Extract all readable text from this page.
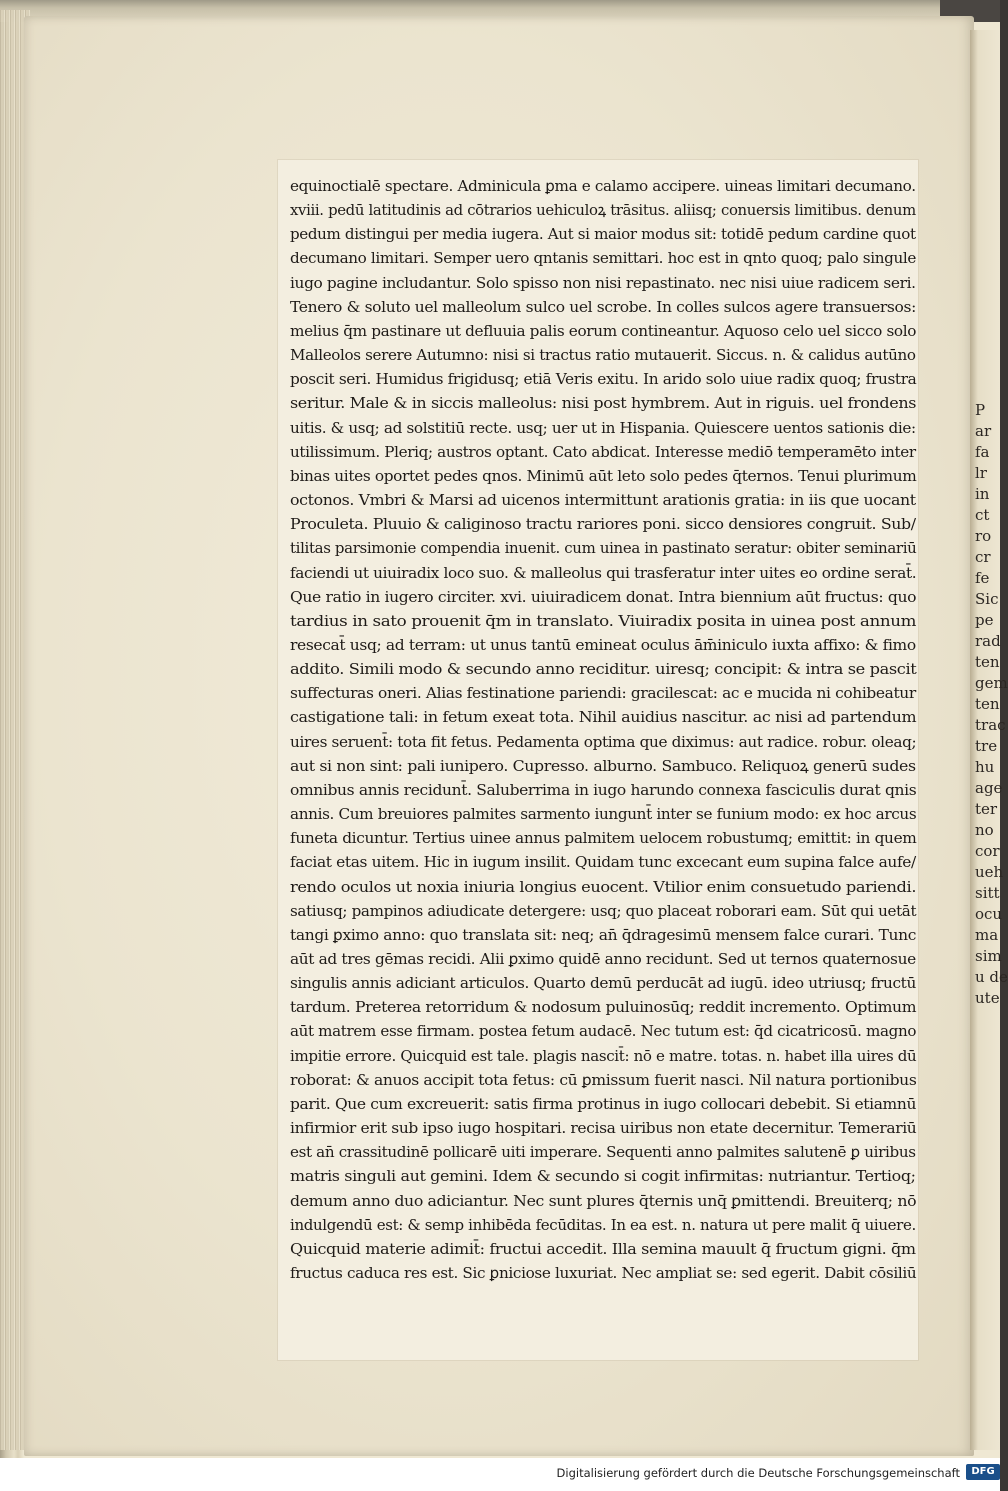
P
ar
fa
lr
in
ct
ro
cr
fe
Sic
pe
rad
ten
gem
ten
trac
tre
hu
age
ter
no
cor
ueh
sitt
ocu
ma
sim
u de
ute
equinoctialē spectare. Adminicula ꝑma e calamo accipere. uineas limitari decumano.
xviii. pedū latitudinis ad cōtrarios uehiculoꝝ trāsitus. aliisq; conuersis limitibus. denum
pedum distingui per media iugera. Aut si maior modus sit: totidē pedum cardine quot
decumano limitari. Semper uero qntanis semittari. hoc est in qnto quoq; palo singule
iugo pagine includantur. Solo spisso non nisi repastinato. nec nisi uiue radicem seri.
Tenero & soluto uel malleolum sulco uel scrobe. In colles sulcos agere transuersos:
melius q̄m pastinare ut defluuia palis eorum contineantur. Aquoso celo uel sicco solo
Malleolos serere Autumno: nisi si tractus ratio mutauerit. Siccus. n. & calidus autūno
poscit seri. Humidus frigidusq; etiā Veris exitu. In arido solo uiue radix quoq; frustra
seritur. Male & in siccis malleolus: nisi post hymbrem. Aut in riguis. uel frondens
uitis. & usq; ad solstitiū recte. usq; uer ut in Hispania. Quiescere uentos sationis die:
utilissimum. Pleriq; austros optant. Cato abdicat. Interesse mediō temperamēto inter
binas uites oportet pedes qnos. Minimū aūt leto solo pedes q̄ternos. Tenui plurimum
octonos. Vmbri & Marsi ad uicenos intermittunt arationis gratia: in iis que uocant
Proculeta. Pluuio & caliginoso tractu rariores poni. sicco densiores congruit. Sub/
tilitas parsimonie compendia inuenit. cum uinea in pastinato seratur: obiter seminariū
faciendi ut uiuiradix loco suo. & malleolus qui trasferatur inter uites eo ordine serat̄.
Que ratio in iugero circiter. xvi. uiuiradicem donat. Intra biennium aūt fructus: quo
tardius in sato prouenit q̄m in translato. Viuiradix posita in uinea post annum
resecat̄ usq; ad terram: ut unus tantū emineat oculus ām̄iniculo iuxta affixo: & fimo
addito. Simili modo & secundo anno reciditur. uiresq; concipit: & intra se pascit
suffecturas oneri. Alias festinatione pariendi: gracilescat: ac e mucida ni cohibeatur
castigatione tali: in fetum exeat tota. Nihil auidius nascitur. ac nisi ad partendum
uires seruent̄: tota fit fetus. Pedamenta optima que diximus: aut radice. robur. oleaq;
aut si non sint: pali iunipero. Cupresso. alburno. Sambuco. Reliquoꝝ generū sudes
omnibus annis recidunt̄. Saluberrima in iugo harundo connexa fasciculis durat qnis
annis. Cum breuiores palmites sarmento iungunt̄ inter se funium modo: ex hoc arcus
funeta dicuntur. Tertius uinee annus palmitem uelocem robustumq; emittit: in quem
faciat etas uitem. Hic in iugum insilit. Quidam tunc excecant eum supina falce aufe/
rendo oculos ut noxia iniuria longius euocent. Vtilior enim consuetudo pariendi.
satiusq; pampinos adiudicate detergere: usq; quo placeat roborari eam. Sūt qui uetāt
tangi ꝑximo anno: quo translata sit: neq; an̄ q̄dragesimū mensem falce curari. Tunc
aūt ad tres gēmas recidi. Alii ꝑximo quidē anno recidunt. Sed ut ternos quaternosue
singulis annis adiciant articulos. Quarto demū perducāt ad iugū. ideo utriusq; fructū
tardum. Preterea retorridum & nodosum puluinosūq; reddit incremento. Optimum
aūt matrem esse firmam. postea fetum audacē. Nec tutum est: q̄d cicatricosū. magno
impitie errore. Quicquid est tale. plagis nascit̄: nō e matre. totas. n. habet illa uires dū
roborat: & anuos accipit tota fetus: cū ꝑmissum fuerit nasci. Nil natura portionibus
parit. Que cum excreuerit: satis firma protinus in iugo collocari debebit. Si etiamnū
infirmior erit sub ipso iugo hospitari. recisa uiribus non etate decernitur. Temerariū
est an̄ crassitudinē pollicarē uiti imperare. Sequenti anno palmites salutenē ꝑ uiribus
matris singuli aut gemini. Idem & secundo si cogit infirmitas: nutriantur. Tertioq;
demum anno duo adiciantur. Nec sunt plures q̄ternis unq̄ ꝑmittendi. Breuiterq; nō
indulgendū est: & semp inhibēda fecūditas. In ea est. n. natura ut pere malit q̄ uiuere.
Quicquid materie adimit̄: fructui accedit. Illa semina mauult q̄ fructum gigni. q̄m
fructus caduca res est. Sic ꝑniciose luxuriat. Nec ampliat se: sed egerit. Dabit cōsiliū
Digitalisierung gefördert durch die Deutsche Forschungsgemeinschaft	DFG
